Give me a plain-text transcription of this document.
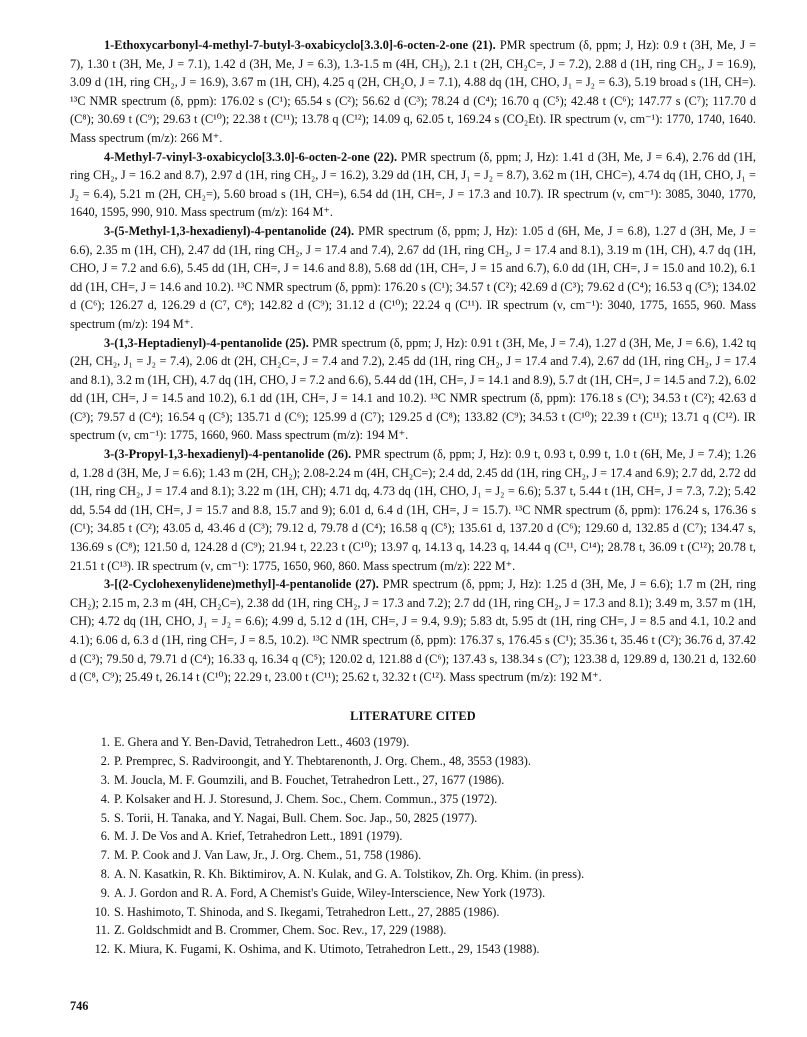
1-Ethoxycarbonyl-4-methyl-7-butyl-3-oxabicyclo[3.3.0]-6-octen-2-one (21). PMR spectrum (δ, ppm; J, Hz): 0.9 t (3H, Me, J = 7), 1.30 t (3H, Me, J = 7.1), 1.42 d (3H, Me, J = 6.3), 1.3-1.5 m (4H, CH₂), 2.1 t (2H, CH₂C=, J = 7.2), 2.88 d (1H, ring CH₂, J = 16.9), 3.09 d (1H, ring CH₂, J = 16.9), 3.67 m (1H, CH), 4.25 q (2H, CH₂O, J = 7.1), 4.88 dq (1H, CHO, J₁ = J₂ = 6.3), 5.19 broad s (1H, CH=). ¹³C NMR spectrum (δ, ppm): 176.02 s (C¹); 65.54 s (C²); 56.62 d (C³); 78.24 d (C⁴); 16.70 q (C⁵); 42.48 t (C⁶); 147.77 s (C⁷); 117.70 d (C⁸); 30.69 t (C⁹); 29.63 t (C¹⁰); 22.38 t (C¹¹); 13.78 q (C¹²); 14.09 q, 62.05 t, 169.24 s (CO₂Et). IR spectrum (ν, cm⁻¹): 1770, 1740, 1640. Mass spectrum (m/z): 266 M⁺.

4-Methyl-7-vinyl-3-oxabicyclo[3.3.0]-6-octen-2-one (22). PMR spectrum (δ, ppm; J, Hz): 1.41 d (3H, Me, J = 6.4), 2.76 dd (1H, ring CH₂, J = 16.2 and 8.7), 2.97 d (1H, ring CH₂, J = 16.2), 3.29 dd (1H, CH, J₁ = J₂ = 8.7), 3.62 m (1H, CHC=), 4.74 dq (1H, CHO, J₁ = J₂ = 6.4), 5.21 m (2H, CH₂=), 5.60 broad s (1H, CH=), 6.54 dd (1H, CH=, J = 17.3 and 10.7). IR spectrum (ν, cm⁻¹): 3085, 3040, 1770, 1640, 1595, 990, 910. Mass spectrum (m/z): 164 M⁺.

3-(5-Methyl-1,3-hexadienyl)-4-pentanolide (24). PMR spectrum (δ, ppm; J, Hz): 1.05 d (6H, Me, J = 6.8), 1.27 d (3H, Me, J = 6.6), 2.35 m (1H, CH), 2.47 dd (1H, ring CH₂, J = 17.4 and 7.4), 2.67 dd (1H, ring CH₂, J = 17.4 and 8.1), 3.19 m (1H, CH), 4.7 dq (1H, CHO, J = 7.2 and 6.6), 5.45 dd (1H, CH=, J = 14.6 and 8.8), 5.68 dd (1H, CH=, J = 15 and 6.7), 6.0 dd (1H, CH=, J = 15.0 and 10.2), 6.1 dd (1H, CH=, J = 14.6 and 10.2). ¹³C NMR spectrum (δ, ppm): 176.20 s (C¹); 34.57 t (C²); 42.69 d (C³); 79.62 d (C⁴); 16.53 q (C⁵); 134.02 d (C⁶); 126.27 d, 126.29 d (C⁷, C⁸); 142.82 d (C⁹); 31.12 d (C¹⁰); 22.24 q (C¹¹). IR spectrum (ν, cm⁻¹): 3040, 1775, 1655, 960. Mass spectrum (m/z): 194 M⁺.

3-(1,3-Heptadienyl)-4-pentanolide (25). PMR spectrum (δ, ppm; J, Hz): 0.91 t (3H, Me, J = 7.4), 1.27 d (3H, Me, J = 6.6), 1.42 tq (2H, CH₂, J₁ = J₂ = 7.4), 2.06 dt (2H, CH₂C=, J = 7.4 and 7.2), 2.45 dd (1H, ring CH₂, J = 17.4 and 7.4), 2.67 dd (1H, ring CH₂, J = 17.4 and 8.1), 3.2 m (1H, CH), 4.7 dq (1H, CHO, J = 7.2 and 6.6), 5.44 dd (1H, CH=, J = 14.1 and 8.9), 5.7 dt (1H, CH=, J = 14.5 and 7.2), 6.02 dd (1H, CH=, J = 14.5 and 10.2), 6.1 dd (1H, CH=, J = 14.1 and 10.2). ¹³C NMR spectrum (δ, ppm): 176.18 s (C¹); 34.53 t (C²); 42.63 d (C³); 79.57 d (C⁴); 16.54 q (C⁵); 135.71 d (C⁶); 125.99 d (C⁷); 129.25 d (C⁸); 133.82 (C⁹); 34.53 t (C¹⁰); 22.39 t (C¹¹); 13.71 q (C¹²). IR spectrum (ν, cm⁻¹): 1775, 1660, 960. Mass spectrum (m/z): 194 M⁺.

3-(3-Propyl-1,3-hexadienyl)-4-pentanolide (26). PMR spectrum (δ, ppm; J, Hz): 0.9 t, 0.93 t, 0.99 t, 1.0 t (6H, Me, J = 7.4); 1.26 d, 1.28 d (3H, Me, J = 6.6); 1.43 m (2H, CH₂); 2.08-2.24 m (4H, CH₂C=); 2.4 dd, 2.45 dd (1H, ring CH₂, J = 17.4 and 6.9); 2.7 dd, 2.72 dd (1H, ring CH₂, J = 17.4 and 8.1); 3.22 m (1H, CH); 4.71 dq, 4.73 dq (1H, CHO, J₁ = J₂ = 6.6); 5.37 t, 5.44 t (1H, CH=, J = 7.3, 7.2); 5.42 dd, 5.54 dd (1H, CH=, J = 15.7 and 8.8, 15.7 and 9); 6.01 d, 6.4 d (1H, CH=, J = 15.7). ¹³C NMR spectrum (δ, ppm): 176.24 s, 176.36 s (C¹); 34.85 t (C²); 43.05 d, 43.46 d (C³); 79.12 d, 79.78 d (C⁴); 16.58 q (C⁵); 135.61 d, 137.20 d (C⁶); 129.60 d, 132.85 d (C⁷); 134.47 s, 136.69 s (C⁸); 121.50 d, 124.28 d (C⁹); 21.94 t, 22.23 t (C¹⁰); 13.97 q, 14.13 q, 14.23 q, 14.44 q (C¹¹, C¹⁴); 28.78 t, 36.09 t (C¹²); 20.78 t, 21.51 t (C¹³). IR spectrum (ν, cm⁻¹): 1775, 1650, 960, 860. Mass spectrum (m/z): 222 M⁺.

3-[(2-Cyclohexenylidene)methyl]-4-pentanolide (27). PMR spectrum (δ, ppm; J, Hz): 1.25 d (3H, Me, J = 6.6); 1.7 m (2H, ring CH₂); 2.15 m, 2.3 m (4H, CH₂C=), 2.38 dd (1H, ring CH₂, J = 17.3 and 7.2); 2.7 dd (1H, ring CH₂, J = 17.3 and 8.1); 3.49 m, 3.57 m (1H, CH); 4.72 dq (1H, CHO, J₁ = J₂ = 6.6); 4.99 d, 5.12 d (1H, CH=, J = 9.4, 9.9); 5.83 dt, 5.95 dt (1H, ring CH=, J = 8.5 and 4.1, 10.2 and 4.1); 6.06 d, 6.3 d (1H, ring CH=, J = 8.5, 10.2). ¹³C NMR spectrum (δ, ppm): 176.37 s, 176.45 s (C¹); 35.36 t, 35.46 t (C²); 36.76 d, 37.42 d (C³); 79.50 d, 79.71 d (C⁴); 16.33 q, 16.34 q (C⁵); 120.02 d, 121.88 d (C⁶); 137.43 s, 138.34 s (C⁷); 123.38 d, 129.89 d, 130.21 d, 132.60 d (C⁸, C⁹); 25.49 t, 26.14 t (C¹⁰); 22.29 t, 23.00 t (C¹¹); 25.62 t, 32.32 t (C¹²). Mass spectrum (m/z): 192 M⁺.

LITERATURE CITED
1. E. Ghera and Y. Ben-David, Tetrahedron Lett., 4603 (1979).
2. P. Premprec, S. Radviroongit, and Y. Thebtarenonth, J. Org. Chem., 48, 3553 (1983).
3. M. Joucla, M. F. Goumzili, and B. Fouchet, Tetrahedron Lett., 27, 1677 (1986).
4. P. Kolsaker and H. J. Storesund, J. Chem. Soc., Chem. Commun., 375 (1972).
5. S. Torii, H. Tanaka, and Y. Nagai, Bull. Chem. Soc. Jap., 50, 2825 (1977).
6. M. J. De Vos and A. Krief, Tetrahedron Lett., 1891 (1979).
7. M. P. Cook and J. Van Law, Jr., J. Org. Chem., 51, 758 (1986).
8. A. N. Kasatkin, R. Kh. Biktimirov, A. N. Kulak, and G. A. Tolstikov, Zh. Org. Khim. (in press).
9. A. J. Gordon and R. A. Ford, A Chemist's Guide, Wiley-Interscience, New York (1973).
10. S. Hashimoto, T. Shinoda, and S. Ikegami, Tetrahedron Lett., 27, 2885 (1986).
11. Z. Goldschmidt and B. Crommer, Chem. Soc. Rev., 17, 229 (1988).
12. K. Miura, K. Fugami, K. Oshima, and K. Utimoto, Tetrahedron Lett., 29, 1543 (1988).
746
